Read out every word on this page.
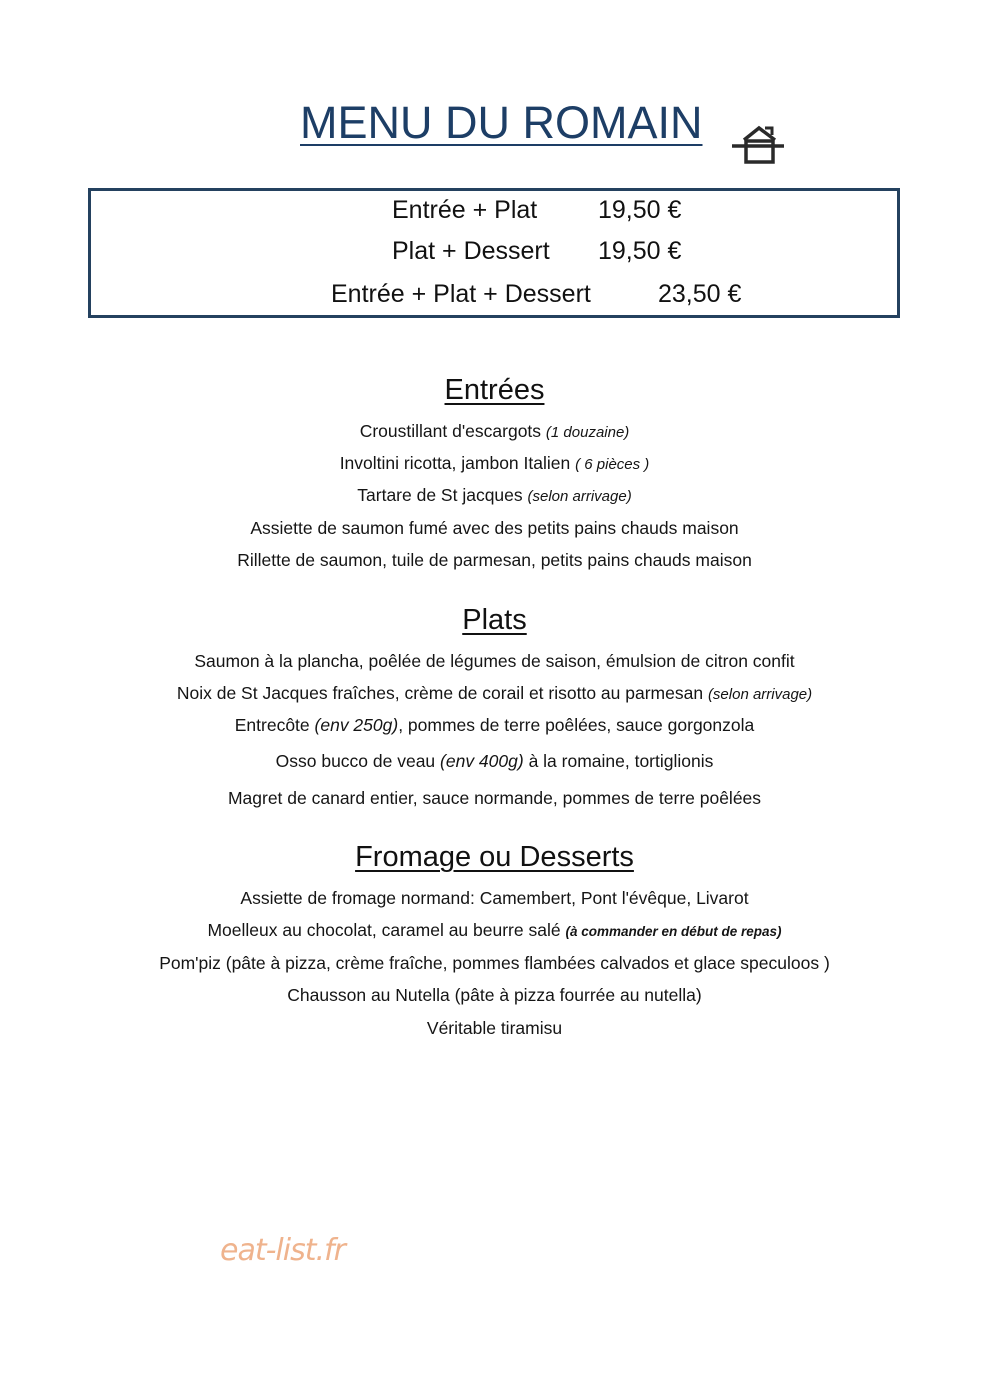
MENU DU ROMAIN
Entrée + Plat 19,50 €
Plat + Dessert 19,50 €
Entrée + Plat + Dessert	23,50 €
Entrées
Croustillant d'escargots (1 douzaine)
Involtini ricotta, jambon Italien ( 6 pièces )
Tartare de St jacques (selon arrivage)
Assiette de saumon fumé avec des petits pains chauds maison
Rillette de saumon, tuile de parmesan, petits pains chauds maison
Plats
Saumon à la plancha, poêlée de légumes de saison, émulsion de citron confit
Noix de St Jacques fraîches, crème de corail et risotto au parmesan (selon arrivage)
Entrecôte (env 250g), pommes de terre poêlées, sauce gorgonzola
Osso bucco de veau (env 400g) à la romaine, tortiglionis
Magret de canard entier, sauce normande, pommes de terre poêlées
Fromage ou Desserts
Assiette de fromage normand: Camembert, Pont l'évêque, Livarot
Moelleux au chocolat, caramel au beurre salé (à commander en début de repas)
Pom'piz (pâte à pizza, crème fraîche, pommes flambées calvados et glace speculoos )
Chausson au Nutella (pâte à pizza fourrée au nutella)
Véritable tiramisu
eat-list.fr
